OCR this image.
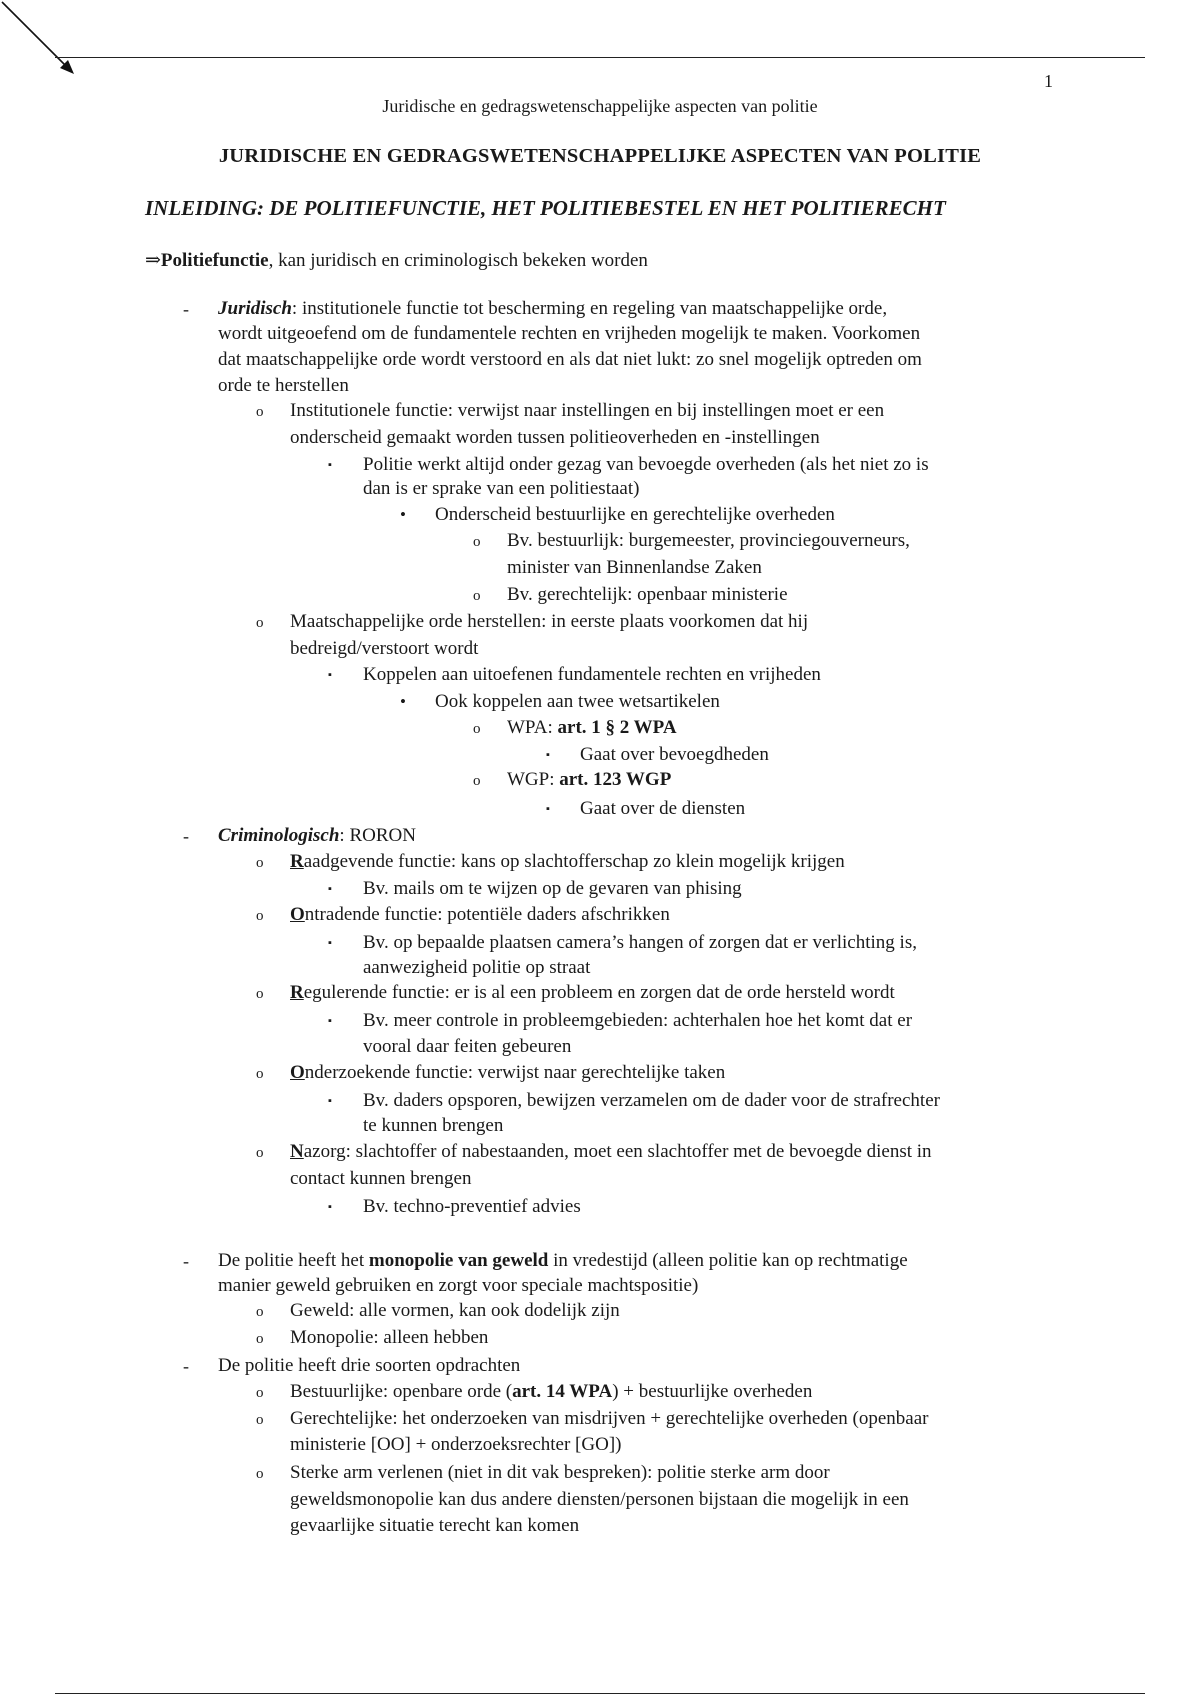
1
Juridische en gedragswetenschappelijke aspecten van politie
JURIDISCHE EN GEDRAGSWETENSCHAPPELIJKE ASPECTEN VAN POLITIE
INLEIDING: DE POLITIEFUNCTIE, HET POLITIEBESTEL EN HET POLITIERECHT
⇒Politiefunctie, kan juridisch en criminologisch bekeken worden
- Juridisch: institutionele functie tot bescherming en regeling van maatschappelijke orde,
wordt uitgeoefend om de fundamentele rechten en vrijheden mogelijk te maken. Voorkomen
dat maatschappelijke orde wordt verstoord en als dat niet lukt: zo snel mogelijk optreden om
orde te herstellen
o Institutionele functie: verwijst naar instellingen en bij instellingen moet er een
onderscheid gemaakt worden tussen politieoverheden en -instellingen
▪ Politie werkt altijd onder gezag van bevoegde overheden (als het niet zo is
dan is er sprake van een politiestaat)
• Onderscheid bestuurlijke en gerechtelijke overheden
o Bv. bestuurlijk: burgemeester, provinciegouverneurs,
minister van Binnenlandse Zaken
o Bv. gerechtelijk: openbaar ministerie
o Maatschappelijke orde herstellen: in eerste plaats voorkomen dat hij
bedreigd/verstoort wordt
▪ Koppelen aan uitoefenen fundamentele rechten en vrijheden
• Ook koppelen aan twee wetsartikelen
o WPA: art. 1 § 2 WPA
▪ Gaat over bevoegdheden
o WGP: art. 123 WGP
▪ Gaat over de diensten
- Criminologisch: RORON
o Raadgevende functie: kans op slachtofferschap zo klein mogelijk krijgen
▪ Bv. mails om te wijzen op de gevaren van phising
o Ontradende functie: potentiële daders afschrikken
▪ Bv. op bepaalde plaatsen camera’s hangen of zorgen dat er verlichting is,
aanwezigheid politie op straat
o Regulerende functie: er is al een probleem en zorgen dat de orde hersteld wordt
▪ Bv. meer controle in probleemgebieden: achterhalen hoe het komt dat er
vooral daar feiten gebeuren
o Onderzoekende functie: verwijst naar gerechtelijke taken
▪ Bv. daders opsporen, bewijzen verzamelen om de dader voor de strafrechter
te kunnen brengen
o Nazorg: slachtoffer of nabestaanden, moet een slachtoffer met de bevoegde dienst in
contact kunnen brengen
▪ Bv. techno-preventief advies
- De politie heeft het monopolie van geweld in vredestijd (alleen politie kan op rechtmatige
manier geweld gebruiken en zorgt voor speciale machtspositie)
o Geweld: alle vormen, kan ook dodelijk zijn
o Monopolie: alleen hebben
- De politie heeft drie soorten opdrachten
o Bestuurlijke: openbare orde (art. 14 WPA) + bestuurlijke overheden
o Gerechtelijke: het onderzoeken van misdrijven + gerechtelijke overheden (openbaar
ministerie [OO] + onderzoeksrechter [GO])
o Sterke arm verlenen (niet in dit vak bespreken): politie sterke arm door
geweldsmonopolie kan dus andere diensten/personen bijstaan die mogelijk in een
gevaarlijke situatie terecht kan komen
